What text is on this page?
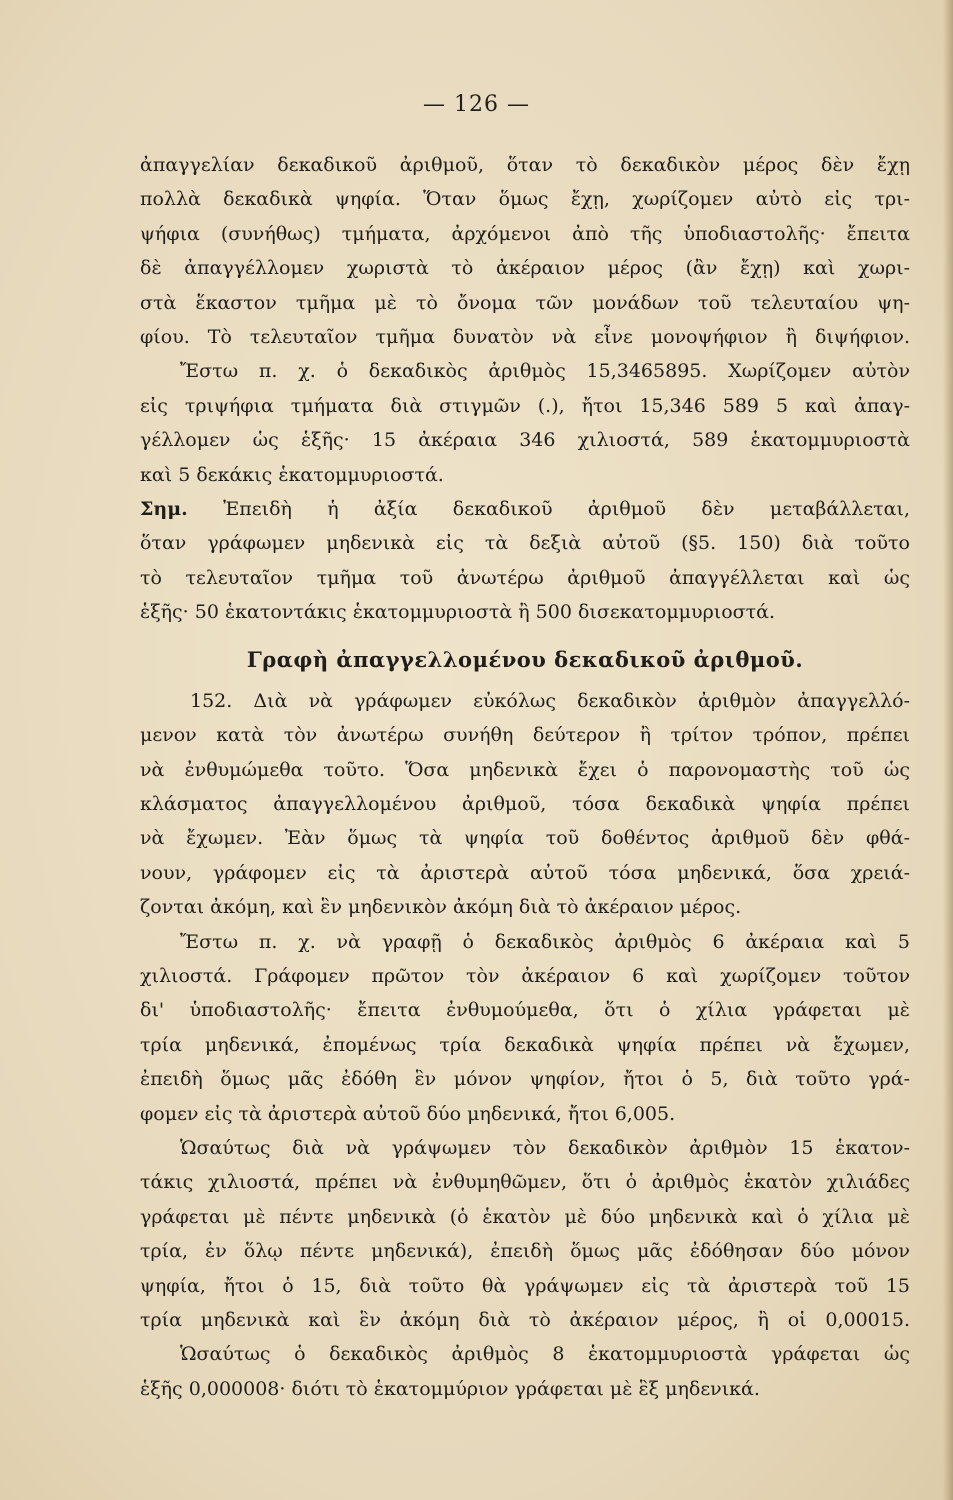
— 126 —
ἀπαγγελίαν δεκαδικοῦ ἀριθμοῦ, ὅταν τὸ δεκαδικὸν μέρος δὲν ἔχῃ
πολλὰ δεκαδικὰ ψηφία. Ὅταν ὅμως ἔχῃ, χωρίζομεν αὐτὸ εἰς τρι-
ψήφια (συνήθως) τμήματα, ἀρχόμενοι ἀπὸ τῆς ὑποδιαστολῆς· ἔπειτα
δὲ ἀπαγγέλλομεν χωριστὰ τὸ ἀκέραιον μέρος (ἂν ἔχῃ) καὶ χωρι-
στὰ ἕκαστον τμῆμα μὲ τὸ ὄνομα τῶν μονάδων τοῦ τελευταίου ψη-
φίου. Τὸ τελευταῖον τμῆμα δυνατὸν νὰ εἶνε μονοψήφιον ἢ διψήφιον.
Ἔστω π. χ. ὁ δεκαδικὸς ἀριθμὸς 15,3465895. Χωρίζομεν αὐτὸν
εἰς τριψήφια τμήματα διὰ στιγμῶν (.), ἤτοι 15,346 589 5 καὶ ἀπαγ-
γέλλομεν ὡς ἑξῆς· 15 ἀκέραια 346 χιλιοστά, 589 ἑκατομμυριοστὰ
καὶ 5 δεκάκις ἑκατομμυριοστά.
Σημ. Ἐπειδὴ ἡ ἀξία δεκαδικοῦ ἀριθμοῦ δὲν μεταβάλλεται,
ὅταν γράφωμεν μηδενικὰ εἰς τὰ δεξιὰ αὐτοῦ (§5. 150) διὰ τοῦτο
τὸ τελευταῖον τμῆμα τοῦ ἀνωτέρω ἀριθμοῦ ἀπαγγέλλεται καὶ ὡς
ἑξῆς· 50 ἑκατοντάκις ἑκατομμυριοστὰ ἢ 500 δισεκατομμυριοστά.
Γραφὴ ἀπαγγελλομένου δεκαδικοῦ ἀριθμοῦ.
152. Διὰ νὰ γράφωμεν εὐκόλως δεκαδικὸν ἀριθμὸν ἀπαγγελλό-
μενον κατὰ τὸν ἀνωτέρω συνήθη δεύτερον ἢ τρίτον τρόπον, πρέπει
νὰ ἐνθυμώμεθα τοῦτο. Ὅσα μηδενικὰ ἔχει ὁ παρονομαστὴς τοῦ ὡς
κλάσματος ἀπαγγελλομένου ἀριθμοῦ, τόσα δεκαδικὰ ψηφία πρέπει
νὰ ἔχωμεν. Ἐὰν ὅμως τὰ ψηφία τοῦ δοθέντος ἀριθμοῦ δὲν φθά-
νουν, γράφομεν εἰς τὰ ἀριστερὰ αὐτοῦ τόσα μηδενικά, ὅσα χρειά-
ζονται ἀκόμη, καὶ ἓν μηδενικὸν ἀκόμη διὰ τὸ ἀκέραιον μέρος.
Ἔστω π. χ. νὰ γραφῇ ὁ δεκαδικὸς ἀριθμὸς 6 ἀκέραια καὶ 5
χιλιοστά. Γράφομεν πρῶτον τὸν ἀκέραιον 6 καὶ χωρίζομεν τοῦτον
δι' ὑποδιαστολῆς· ἔπειτα ἐνθυμούμεθα, ὅτι ὁ χίλια γράφεται μὲ
τρία μηδενικά, ἐπομένως τρία δεκαδικὰ ψηφία πρέπει νὰ ἔχωμεν,
ἐπειδὴ ὅμως μᾶς ἐδόθη ἓν μόνον ψηφίον, ἤτοι ὁ 5, διὰ τοῦτο γρά-
φομεν εἰς τὰ ἀριστερὰ αὐτοῦ δύο μηδενικά, ἤτοι 6,005.
Ὡσαύτως διὰ νὰ γράψωμεν τὸν δεκαδικὸν ἀριθμὸν 15 ἑκατον-
τάκις χιλιοστά, πρέπει νὰ ἐνθυμηθῶμεν, ὅτι ὁ ἀριθμὸς ἑκατὸν χιλιάδες
γράφεται μὲ πέντε μηδενικὰ (ὁ ἑκατὸν μὲ δύο μηδενικὰ καὶ ὁ χίλια μὲ
τρία, ἐν ὅλῳ πέντε μηδενικά), ἐπειδὴ ὅμως μᾶς ἐδόθησαν δύο μόνον
ψηφία, ἤτοι ὁ 15, διὰ τοῦτο θὰ γράψωμεν εἰς τὰ ἀριστερὰ τοῦ 15
τρία μηδενικὰ καὶ ἓν ἀκόμη διὰ τὸ ἀκέραιον μέρος, ἢ οἱ 0,00015.
Ὡσαύτως ὁ δεκαδικὸς ἀριθμὸς 8 ἑκατομμυριοστὰ γράφεται ὡς
ἑξῆς 0,000008· διότι τὸ ἑκατομμύριον γράφεται μὲ ἓξ μηδενικά.
